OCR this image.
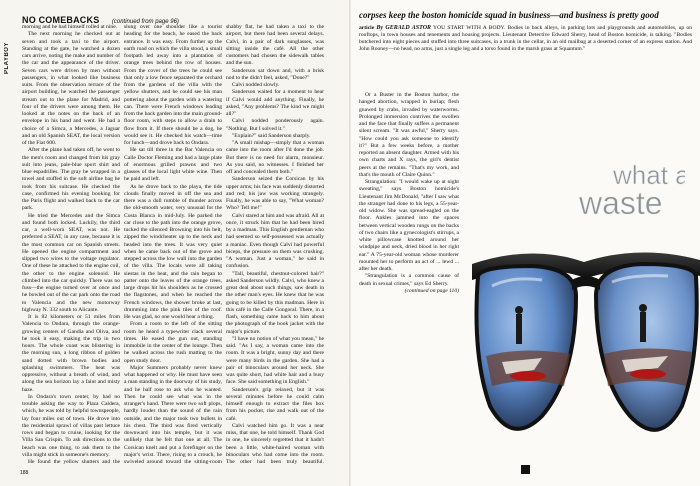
PLAYBOY
NO COMEBACKS (continued from page 96)

morning and he had himself rolled at nine.

The next morning he checked out at seven and took a taxi to the airport. Standing at the gate, he watched a dozen cars arrive, noting the make and number of the car and the appearance of the driver. Seven cars were driven by men without passengers, in what looked like business suits. From the observation terrace of the airport building, he watched the passenger stream out to the plane for Madrid, and four of the drivers were among them. He looked at the notes on the back of an envelope in his hand and went. He had a choice of a Simca, a Mercedes, a Jaguar and an old Spanish SEAT, the local version of the Fiat 600.

After the plane had taken off, he went to the men's room and changed from his gray suit into jeans, pale-blue sport shirt and blue espadrilles. The gray he wrapped in a towel and stuffed in the soft airline bag he took from his suitcase. He checked the case, confirmed his evening booking for the Paris flight and walked back to the car park.

He tried the Mercedes and the Simca and found both locked. Luckily, the third car, a well-worn SEAT, was not. He preferred a SEAT, in any case, because it is the most common car on Spanish streets. He opened the engine compartment and slipped two wires to the voltage regulator. One of these he attached to the engine coil, the other to the engine solenoid. He climbed into the car quickly. There was no fuss—the engine turned over at once and he bowled out of the car park onto the road to Valencia and the new motorway highway N. 332 south to Alicante.

It is 82 kilometers or 51 miles from Valencia to Ondara, through the orange-growing centers of Gandia and Oliva, and he took it easy, making the trip in two hours. The whole coast was blistering in the morning sun, a long ribbon of golden sand dotted with brown bodies and splashing swimmers. The heat was oppressive, without a breath of wind, and along the sea horizon lay a faint and misty haze.

In Ondara's town center, by had no trouble asking the way to Plaza Caldera, which, he was told by helpful townspeople, lay four miles out of town. He drove into the residential sprawl of villas past lettuce rows and began to cruise, looking for the Villa San Crispin. To ask directions to the beach was one thing, to ask them to the villa might stick in someone's memory.

He found the yellow shutters and the

slung over one shoulder like a tourist heading for the beach, he eased the back entrance. It was easy. From further up the earth road on which the villa stood, a small footpath led away into a plantation of orange trees behind the row of houses. From the cover of the trees he could see that only a low fence separated the orchard from the gardens of the villa with the yellow shutters, and he could see his man pottering about the garden with a watering can. There were French windows leading from the back garden into the main ground-floor room, with steps to allow a drain to flow from it. If there should be a dog, he would see it. He checked his watch—time for lunch—and drove back to Ondara.

He sat till three in the Bar Valencia on Calle Doctor Fleming and had a large plate of enormous grilled prawns and two glasses of the local light white wine. Then he paid and left.

As he drove back to the playa, the tide clouds finally moved in off the sea and there was a dull rumble of thunder across the old-smooth water, very unusual for the Costa Blanca in mid-July. He parked the car close to the path into the orange grove, tucked the silenced Browning into his belt, zipped the windcheater up to the neck and headed into the trees. It was very quiet when he came back out of the grove and stepped across the low wall into the garden of the villa. The locals were all taking siestas in the heat, and the rain began to patter onto the leaves of the orange trees, large drops hit his shoulders as he crossed the flagstones, and when he reached the French windows, the shower broke at last, drumming into the pink tiles of the roof. He was glad, no one would hear a thing.

From a room to the left of the sitting room he heard a typewriter clack several times. He eased the gun out, standing immobile in the center of the lounge. Then he walked across the rush matting to the open study door.

Major Summers probably never knew what happened or why. He must have seen a man standing in the doorway of his study, and he half rose to ask who he wanted. Then he could see what was in the stranger's hand. There were two soft plops, hardly louder than the sound of the rain outside, and the major took two bullets in his chest. The third was fired vertically downward into his temple, but it was unlikely that he felt that one at all. The Corsican knelt and put a forefinger on the major's wrist. There, rising to a crouch, he swiveled around toward the sitting-room

shabby flat, he had taken a taxi to the airport, but there had been several delays. Calvi, in a pair of dark sunglasses, was sitting inside the café. All the other customers had chosen the sidewalk tables and the sun.

Sanderson sat down and, with a brisk nod to the didn't feel, asked, "Done?"

Calvi nodded slowly.

Sanderson waited for a moment to hear if Calvi would add anything. Finally, he asked, "Any problems? The kind we might all?"

Calvi nodded ponderously again. "Nothing. But I solved it."

"Explain?" said Sanderson sharply.

"A small mishap—simply that a woman came into the room after I'd done the job. But there is no need for alarm, monsieur. As you said, no witnesses. I finished her off and concealed them both."

Sanderson seized the Corsican by his upper arms; his face was suddenly distorted and red; his jaw was working strangely. Finally, he was able to say, "What woman? Who? Tell me!"

Calvi stared at him and was afraid. All at once, it struck him that he had been hired by a madman. This English gentleman who had seemed so self-possessed was actually a maniac. Even though Calvi had powerful biceps, the pressure on them was crushing. "A woman. Just a woman," he said in confusion.

"Tall, beautiful, chestnut-colored hair?" asked Sanderson wildly. Calvi, who knew a great deal about such things, saw death in the other man's eyes. He knew that he was going to be killed by this madman. Here in this café in the Calle Gongoral. There, in a flash, something came back to him about the photograph of the book jacket with the major's picture.

"I have no notion of what you mean," he said. "As I say, a woman came into the room. It was a bright, sunny day and there were many birds in the garden. She had a pair of binoculars around her neck. She was quite short, had white hair and a busy face. She said something in English."

Sanderson's grip relaxed, but it was several minutes before he could calm himself enough to extract the files box from his pocket, rise and walk out of the café.

Calvi watched him go. It was a near miss, that one, he told himself. Thank God in one, he sincerely regretted that it hadn't been a little, white-haired woman with binoculars who had come into the room. The other had been truly beautiful.

188
corpses keep the boston homicide squad in business—and business is pretty good
article By GERALD ASTOR YOU START WITH A BODY. Bodies in back alleys, in parking lots and playgrounds and automobiles, up on rooftops, in town houses and tenements and housing projects. Lieutenant Detective Edward Sherry, head of Boston homicide, is talking. "Bodies butchered into eight pieces and stuffed into three suitcases, in a trunk in the cellar, in an old mailbag at a deserted corner of an express station. And John Rooney—no head, no arms, just a single leg and a torso found in the marsh grass at Squantum."

Or a Buster in the Boston harbor, the hanged abortion, wrapped in burlap; flesh gnawed by crabs, invaded by waterworms. Prolonged immersion contrives the swollen and the face that finally suffers a permanent silent scream. "It was awful," Sherry says. "How could you ask someone to identify it?" But a few weeks before, a mother reported an absent daughter. Armed with his own charts and X rays, the girl's dentist peers at the remains. "That's my work, and that's the mouth of Claire Quinn."

Strangulation: "I would wake up at night sweating," says Boston homicide's Lieutenant Jim McDonald, "after I saw what the stranger had done to his legs, a 55-year-old widow. She was spread-eagled on the floor. Ankles jammed into the spaces between vertical wooden rungs on the backs of two chairs like a gynecologist's stirrups, a white pillowcase knotted around her windpipe and neck, dried blood in her right ear." A 75-year-old woman whose murderer mounted her to perform an act of ... lewd ... after her death.

"Strangulation is a common cause of death in sexual crimes," says Ed Sherry.

(continued on page 110)

what a
waste
